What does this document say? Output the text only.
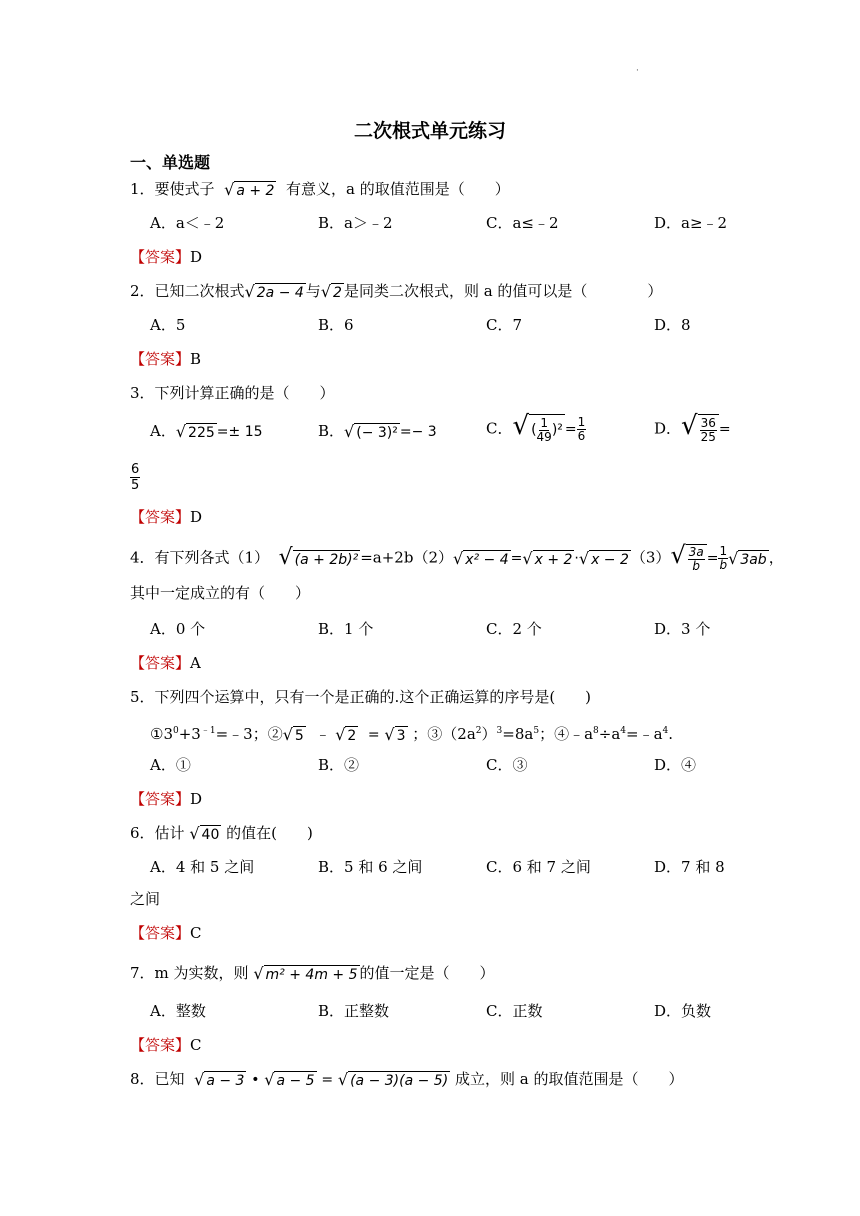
·
二次根式单元练习
一、单选题
1．要使式子 √ a + 2 有意义，a 的取值范围是（　　）
A．a＜﹣2	B．a＞﹣2	C．a≤﹣2	D．a≥﹣2
【答案】D
2．已知二次根式√ 2a − 4 与√ 2 是同类二次根式，则 a 的值可以是（　　　　）
A．5	B．6	C．7	D．8
【答案】B
3．下列计算正确的是（　　）
A．√ 225 =± 15	B．√ (− 3)² =− 3	C．√ ( $\frac{1}{49} )^2 = \frac{1}{6}$	D．√ $\frac{36}{25}$ =
$\frac{6}{5}$
【答案】D
4．有下列各式（1） √ (a + 2b)² =a+2b（2）√ x² − 4 =√ x + 2 ·√ x − 2 $(3)√ \frac{3a}{b} = \frac{1}{b}$ √ 3ab ，
其中一定成立的有（　　）
A．0 个	B．1 个	C．2 个	D．3 个
【答案】A
5．下列四个运算中，只有一个是正确的.这个正确运算的序号是(　　)
$①3^0+3^{﹣1}=﹣3$；②√ 5 ﹣ √ 2 = √ 3 ；$③(2a^2)^3=8a^5$；$④﹣a^8\div a^4=﹣a^4$.
A．①	B．②	C．③	D．④
【答案】D
6．估计 √ 40 的值在(　　)
A．4 和 5 之间	B．5 和 6 之间	C．6 和 7 之间	D．7 和 8
之间
【答案】C
7．m 为实数，则 √ m² + 4m + 5 的值一定是（　　）
A．整数	B．正整数	C．正数	D．负数
【答案】C
8．已知 √ a − 3 • √ a − 5 = √ (a − 3)(a − 5) 成立，则 a 的取值范围是（　　）
